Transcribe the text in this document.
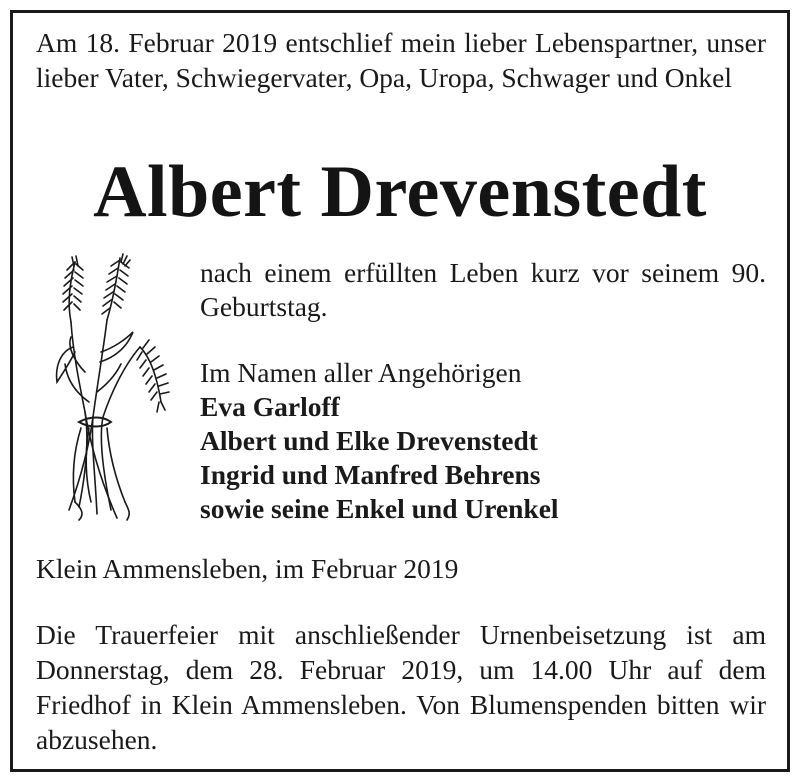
Am 18. Februar 2019 entschlief mein lieber Lebenspartner, unser lieber Vater, Schwiegervater, Opa, Uropa, Schwager und Onkel

Albert Drevenstedt

nach einem erfüllten Leben kurz vor seinem 90. Geburtstag.

Im Namen aller Angehörigen
Eva Garloff
Albert und Elke Drevenstedt
Ingrid und Manfred Behrens
sowie seine Enkel und Urenkel

Klein Ammensleben, im Februar 2019

Die Trauerfeier mit anschließender Urnenbeisetzung ist am Donnerstag, dem 28. Februar 2019, um 14.00 Uhr auf dem Friedhof in Klein Ammensleben. Von Blumenspenden bitten wir abzusehen.
